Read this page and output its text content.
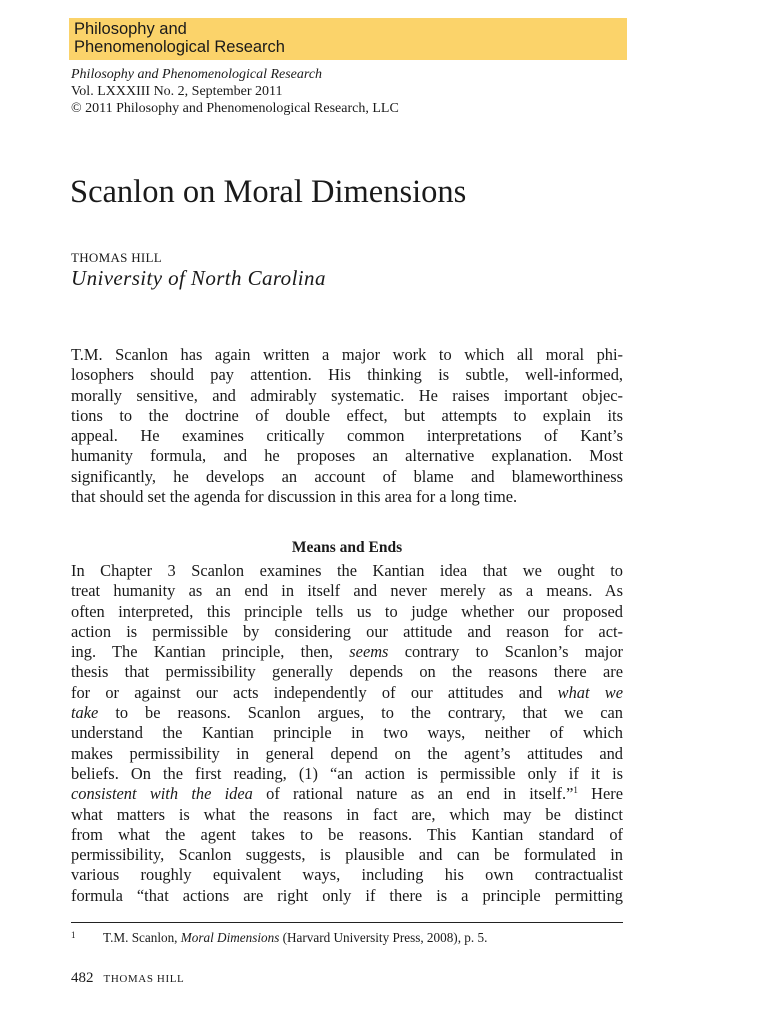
Philosophy and
Phenomenological Research
Philosophy and Phenomenological Research
Vol. LXXXIII No. 2, September 2011
© 2011 Philosophy and Phenomenological Research, LLC
Scanlon on Moral Dimensions
THOMAS HILL
University of North Carolina
T.M. Scanlon has again written a major work to which all moral phi-
losophers should pay attention. His thinking is subtle, well-informed,
morally sensitive, and admirably systematic. He raises important objec-
tions to the doctrine of double effect, but attempts to explain its
appeal. He examines critically common interpretations of Kant’s
humanity formula, and he proposes an alternative explanation. Most
significantly, he develops an account of blame and blameworthiness
that should set the agenda for discussion in this area for a long time.
Means and Ends
In Chapter 3 Scanlon examines the Kantian idea that we ought to
treat humanity as an end in itself and never merely as a means. As
often interpreted, this principle tells us to judge whether our proposed
action is permissible by considering our attitude and reason for act-
ing. The Kantian principle, then, seems contrary to Scanlon’s major
thesis that permissibility generally depends on the reasons there are
for or against our acts independently of our attitudes and what we
take to be reasons. Scanlon argues, to the contrary, that we can
understand the Kantian principle in two ways, neither of which
makes permissibility in general depend on the agent’s attitudes and
beliefs. On the first reading, (1) “an action is permissible only if it is
consistent with the idea of rational nature as an end in itself.”$^1$ Here
what matters is what the reasons in fact are, which may be distinct
from what the agent takes to be reasons. This Kantian standard of
permissibility, Scanlon suggests, is plausible and can be formulated in
various roughly equivalent ways, including his own contractualist
formula “that actions are right only if there is a principle permitting
1 T.M. Scanlon, Moral Dimensions (Harvard University Press, 2008), p. 5.
482 THOMAS HILL
